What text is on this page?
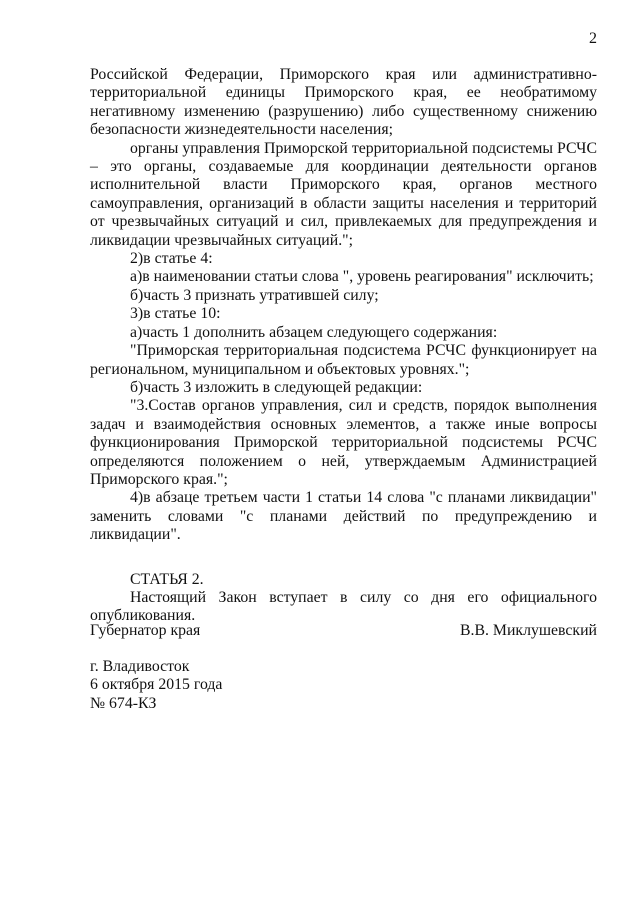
2

Российской Федерации, Приморского края или административно-территориальной единицы Приморского края, ее необратимому негативному изменению (разрушению) либо существенному снижению безопасности жизнедеятельности населения;

органы управления Приморской территориальной подсистемы РСЧС – это органы, создаваемые для координации деятельности органов исполнительной власти Приморского края, органов местного самоуправления, организаций в области защиты населения и территорий от чрезвычайных ситуаций и сил, привлекаемых для предупреждения и ликвидации чрезвычайных ситуаций.";

2)в статье 4:

а)в наименовании статьи слова ", уровень реагирования" исключить;

б)часть 3 признать утратившей силу;

3)в статье 10:

а)часть 1 дополнить абзацем следующего содержания:

"Приморская территориальная подсистема РСЧС функционирует на региональном, муниципальном и объектовых уровнях.";

б)часть 3 изложить в следующей редакции:

"3.Состав органов управления, сил и средств, порядок выполнения задач и взаимодействия основных элементов, а также иные вопросы функционирования Приморской территориальной подсистемы РСЧС определяются положением о ней, утверждаемым Администрацией Приморского края.";

4)в абзаце третьем части 1 статьи 14 слова "с планами ликвидации" заменить словами "с планами действий по предупреждению и ликвидации".

СТАТЬЯ 2.

Настоящий Закон вступает в силу со дня его официального опубликования.

Губернатор края	В.В. Миклушевский
г. Владивосток
6 октября 2015 года
№ 674-КЗ
